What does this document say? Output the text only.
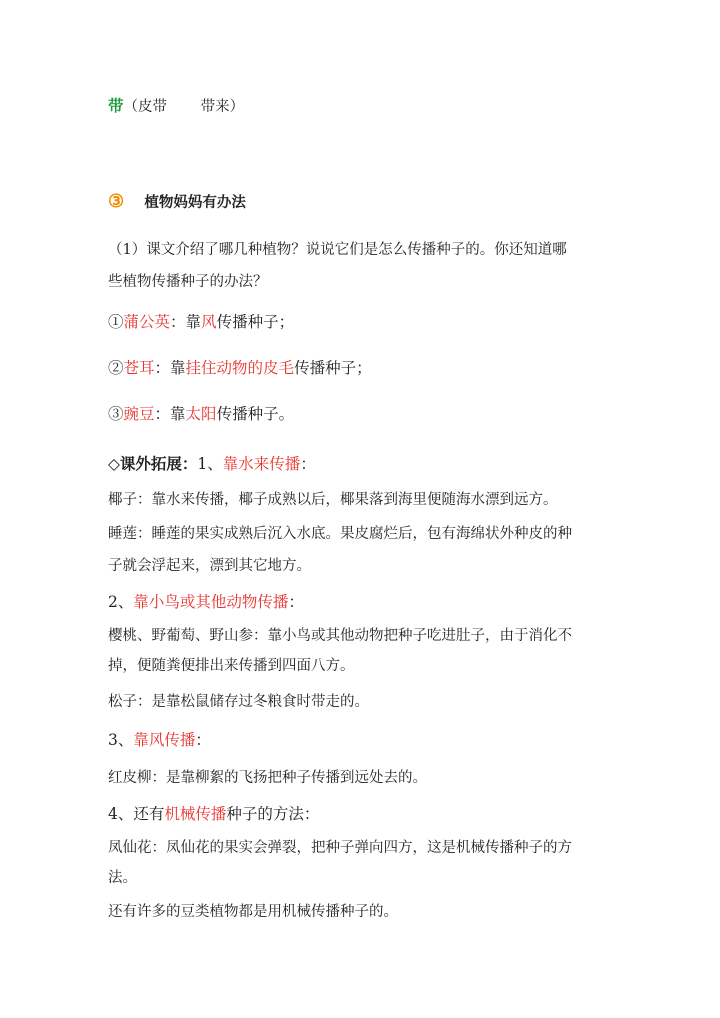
带（皮带　　 带来）
③ 植物妈妈有办法
（1）课文介绍了哪几种植物？说说它们是怎么传播种子的。你还知道哪
些植物传播种子的办法？
①蒲公英：靠风传播种子；
②苍耳：靠挂住动物的皮毛传播种子；
③豌豆：靠太阳传播种子。
◇课外拓展：1、靠水来传播：
椰子：靠水来传播，椰子成熟以后，椰果落到海里便随海水漂到远方。
睡莲：睡莲的果实成熟后沉入水底。果皮腐烂后，包有海绵状外种皮的种
子就会浮起来，漂到其它地方。
2、靠小鸟或其他动物传播：
樱桃、野葡萄、野山参：靠小鸟或其他动物把种子吃进肚子，由于消化不
掉，便随粪便排出来传播到四面八方。
松子：是靠松鼠储存过冬粮食时带走的。
3、靠风传播：
红皮柳：是靠柳絮的飞扬把种子传播到远处去的。
4、还有机械传播种子的方法：
凤仙花：凤仙花的果实会弹裂，把种子弹向四方，这是机械传播种子的方
法。
还有许多的豆类植物都是用机械传播种子的。
